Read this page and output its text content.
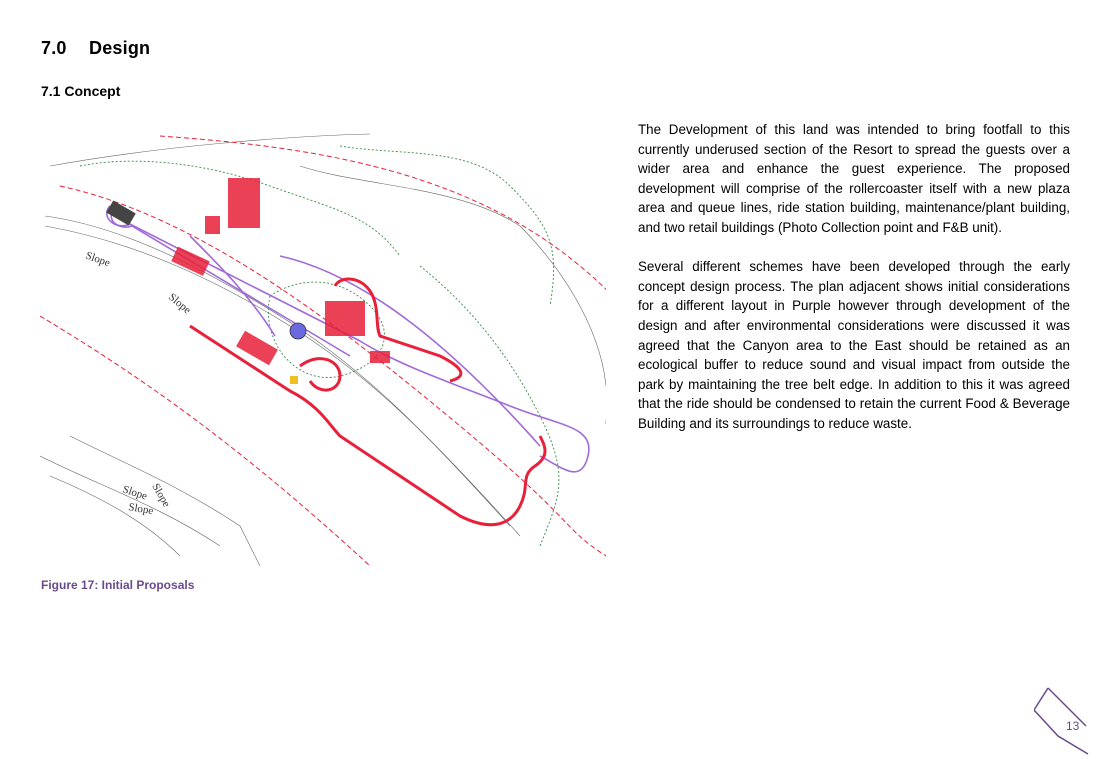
7.0 Design
7.1 Concept
Slope
Slope
Slope Slope
Slope
Figure 17: Initial Proposals

The Development of this land was intended to bring footfall to this currently underused section of the Resort to spread the guests over a wider area and enhance the guest experience. The proposed development will comprise of the rollercoaster itself with a new plaza area and queue lines, ride station building, maintenance/plant building, and two retail buildings (Photo Collection point and F&B unit).

Several different schemes have been developed through the early concept design process. The plan adjacent shows initial considerations for a different layout in Purple however through development of the design and after environmental considerations were discussed it was agreed that the Canyon area to the East should be retained as an ecological buffer to reduce sound and visual impact from outside the park by maintaining the tree belt edge. In addition to this it was agreed that the ride should be condensed to retain the current Food & Beverage Building and its surroundings to reduce waste.

13
